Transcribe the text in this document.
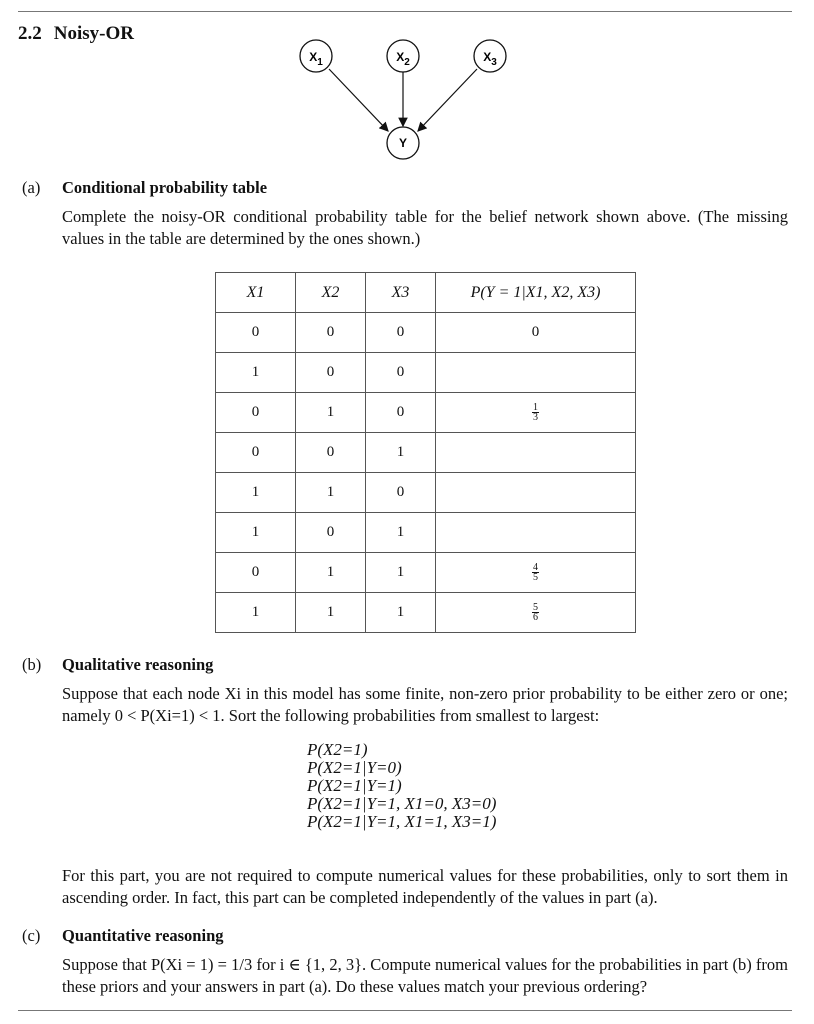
2.2 Noisy-OR
$X_1$	$X_2$	$X_3$
Y
(a) Conditional probability table
Complete the noisy-OR conditional probability table for the belief network shown above. (The missing values in the table are determined by the ones shown.)
X1	X2	X3	P(Y = 1|X1, X2, X3)
0	0	0	0
1	0	0	
0	1	0	$\frac{1}{3}$

0	0	1	
1	1	0	
1	0	1	
0	1	1	$\frac{4}{5}$

1	1	1	$\frac{5}{6}$
(b) Qualitative reasoning
Suppose that each node Xi in this model has some finite, non-zero prior probability to be either zero or one; namely 0 < P(Xi=1) < 1. Sort the following probabilities from smallest to largest:
P(X2=1)
P(X2=1|Y=0)
P(X2=1|Y=1)
P(X2=1|Y=1, X1=0, X3=0)
P(X2=1|Y=1, X1=1, X3=1)
For this part, you are not required to compute numerical values for these probabilities, only to sort them in ascending order. In fact, this part can be completed independently of the values in part (a).
(c) Quantitative reasoning
Suppose that P(Xi = 1) = 1/3 for i ∈ {1, 2, 3}. Compute numerical values for the probabilities in part (b) from these priors and your answers in part (a). Do these values match your previous ordering?
